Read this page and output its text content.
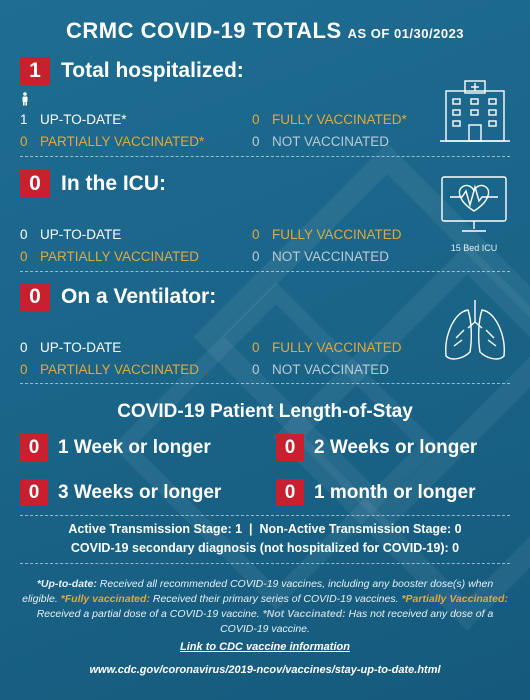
CRMC COVID-19 TOTALS AS OF 01/30/2023
1 Total hospitalized:
1 UP-TO-DATE*	0 FULLY VACCINATED*
0 PARTIALLY VACCINATED*	0 NOT VACCINATED
0 In the ICU:
15 Bed ICU
0 UP-TO-DATE	0 FULLY VACCINATED
0 PARTIALLY VACCINATED	0 NOT VACCINATED
0 On a Ventilator:
0 UP-TO-DATE	0 FULLY VACCINATED
0 PARTIALLY VACCINATED	0 NOT VACCINATED
COVID-19 Patient Length-of-Stay
0 1 Week or longer	0 2 Weeks or longer
0 3 Weeks or longer	0 1 month or longer
Active Transmission Stage: 1  |  Non-Active Transmission Stage: 0
COVID-19 secondary diagnosis (not hospitalized for COVID-19): 0
*Up-to-date: Received all recommended COVID-19 vaccines, including any booster dose(s) when eligible. *Fully vaccinated: Received their primary series of COVID-19 vaccines. *Partially Vaccinated: Received a partial dose of a COVID-19 vaccine. *Not Vaccinated: Has not received any dose of a COVID-19 vaccine.
Link to CDC vaccine information
www.cdc.gov/coronavirus/2019-ncov/vaccines/stay-up-to-date.html
